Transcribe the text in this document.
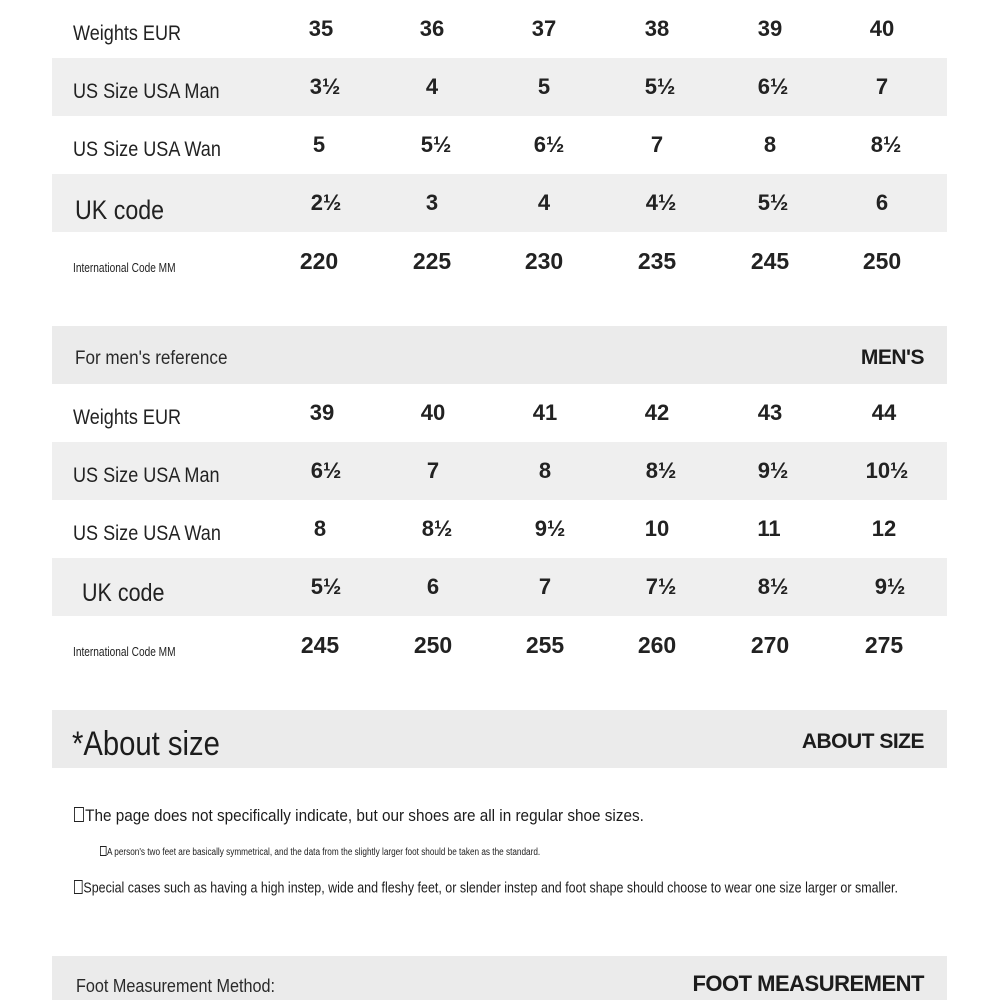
Weights EUR	35	36	37	38	39	40
US Size USA Man	3½	4	5	5½	6½	7
US Size USA Wan	5	5½	6½	7	8	8½
UK code	2½	3	4	4½	5½	6
International Code MM	220	225	230	235	245	250
For men's reference	MEN'S
Weights EUR	39	40	41	42	43	44
US Size USA Man	6½	7	8	8½	9½	10½
US Size USA Wan	8	8½	9½	10	11	12
UK code	5½	6	7	7½	8½	9½
International Code MM	245	250	255	260	270	275
*About size	ABOUT SIZE
The page does not specifically indicate, but our shoes are all in regular shoe sizes.
A person's two feet are basically symmetrical, and the data from the slightly larger foot should be taken as the standard.
Special cases such as having a high instep, wide and fleshy feet, or slender instep and foot shape should choose to wear one size larger or smaller.
Foot Measurement Method:	FOOT MEASUREMENT
